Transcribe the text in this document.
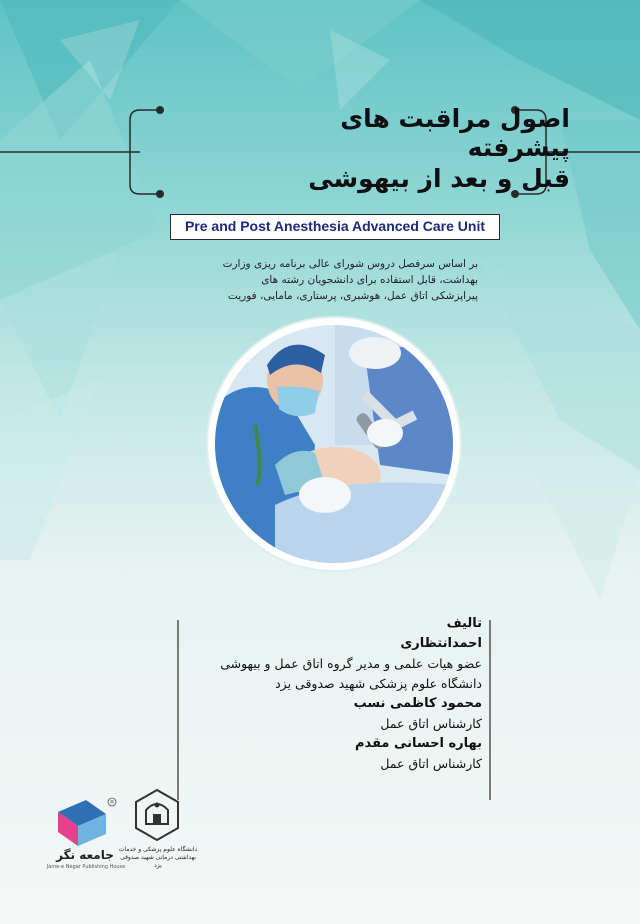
اصول مراقبت های پیشرفته
قبل و بعد از بیهوشی
Pre and Post Anesthesia Advanced Care Unit
بر اساس سرفصل دروس شورای عالی برنامه ریزی وزارت
بهداشت، قابل استفاده برای دانشجویان رشته های
پیراپزشکی اتاق عمل، هوشبری، پرستاری، مامایی، فوریت
تالیف
احمدانتظاری
عضو هیات علمی و مدیر گروه اتاق عمل و بیهوشی
دانشگاه علوم پزشکی شهید صدوقی یزد
محمود کاظمی نسب
کارشناس اتاق عمل
بهاره احسانی مقدم
کارشناس اتاق عمل
®
جامعه نگر
Jame-e Negar Publishing House
دانشگاه علوم پزشکی و خدمات بهداشتی درمانی شهید صدوقی یزد
